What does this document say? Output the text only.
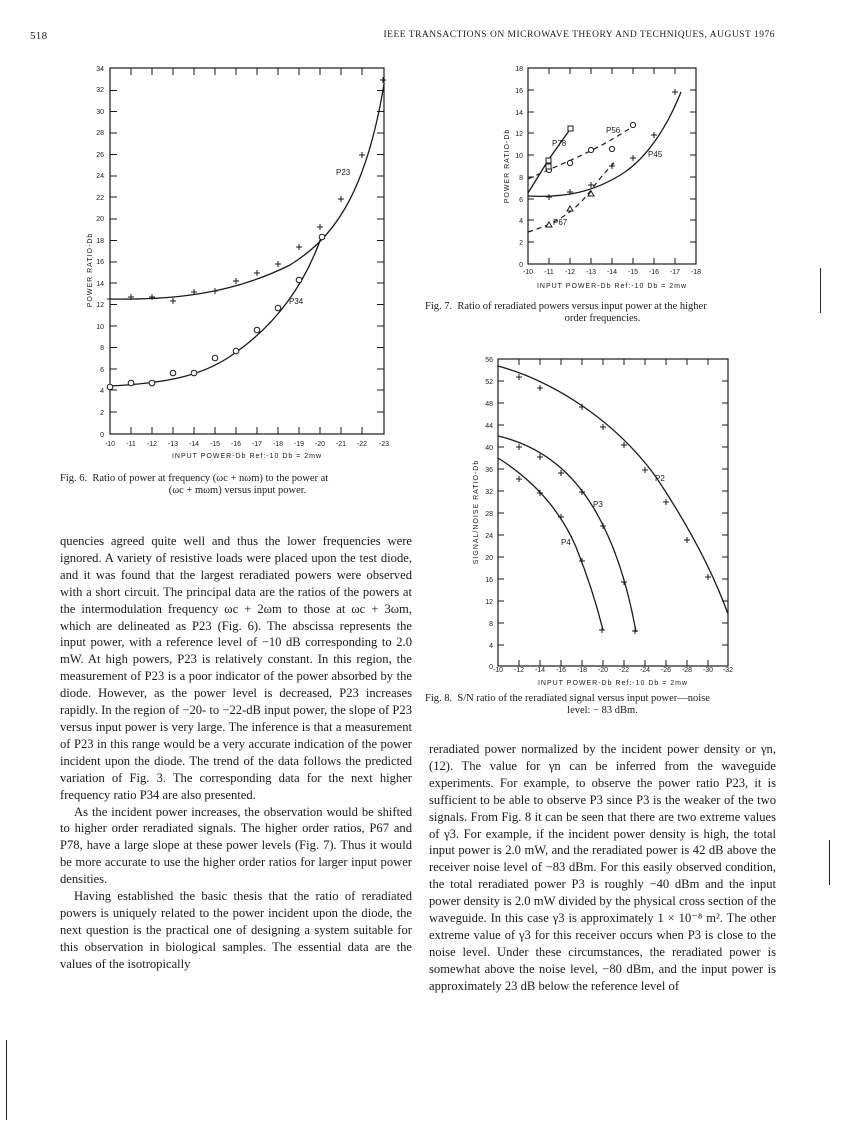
518	IEEE TRANSACTIONS ON MICROWAVE THEORY AND TECHNIQUES, AUGUST 1976
34
32
30
28
26
24
22
20
18
16
14
12
10
8
6
4
2
0
-10 -11 -12 -13 -14 -15 -16 -17 -18 -19 -20 -21 -22 -23
INPUT POWER-Db Ref:-10 Db = 2mw
POWER RATIO-Db
P23
P34
Fig. 6. Ratio of power at frequency (ωc + nωm) to the power at
(ωc + mωm) versus input power.
18
16
14
12
10
8
6
4
2
0
-10 -11 -12 -13 -14 -15 -16 -17 -18
INPUT POWER-Db Ref:-10 Db = 2mw
POWER RATIO-Db	P45
P56
P78
P67
Fig. 7. Ratio of reradiated powers versus input power at the higher
order frequencies.
56
52
48
44
40
36
32
28
24
20
16
12
8
4
0 -10 -12 -14 -16 -18 -20 -22 -24 -26 -28 -30 -32
INPUT POWER-Db Ref:-10 Db = 2mw
SIGNAL/NOISE RATIO-Db	P2
P3
P4
Fig. 8. S/N ratio of the reradiated signal versus input power—noise
level: − 83 dBm.

quencies agreed quite well and thus the lower frequencies were ignored. A variety of resistive loads were placed upon the test diode, and it was found that the largest reradiated powers were observed with a short circuit. The principal data are the ratios of the powers at the intermodulation frequency ωc + 2ωm to those at ωc + 3ωm, which are delineated as P23 (Fig. 6). The abscissa represents the input power, with a reference level of −10 dB corresponding to 2.0 mW. At high powers, P23 is relatively constant. In this region, the measurement of P23 is a poor indicator of the power absorbed by the diode. However, as the power level is decreased, P23 increases rapidly. In the region of −20- to −22-dB input power, the slope of P23 versus input power is very large. The inference is that a measurement of P23 in this range would be a very accurate indication of the power incident upon the diode. The trend of the data follows the predicted variation of Fig. 3. The corresponding data for the next higher frequency ratio P34 are also presented.

As the incident power increases, the observation would be shifted to higher order reradiated signals. The higher order ratios, P67 and P78, have a large slope at these power levels (Fig. 7). Thus it would be more accurate to use the higher order ratios for larger input power densities.

Having established the basic thesis that the ratio of reradiated powers is uniquely related to the power incident upon the diode, the next question is the practical one of designing a system suitable for this observation in biological samples. The essential data are the values of the isotropically

reradiated power normalized by the incident power density or γn, (12). The value for γn can be inferred from the waveguide experiments. For example, to observe the power ratio P23, it is sufficient to be able to observe P3 since P3 is the weaker of the two signals. From Fig. 8 it can be seen that there are two extreme values of γ3. For example, if the incident power density is high, the total input power is 2.0 mW, and the reradiated power is 42 dB above the receiver noise level of −83 dBm. For this easily observed condition, the total reradiated power P3 is roughly −40 dBm and the input power density is 2.0 mW divided by the physical cross section of the waveguide. In this case γ3 is approximately 1 × 10⁻⁸ m². The other extreme value of γ3 for this receiver occurs when P3 is close to the noise level. Under these circumstances, the reradiated power is somewhat above the noise level, −80 dBm, and the input power is approximately 23 dB below the reference level of
